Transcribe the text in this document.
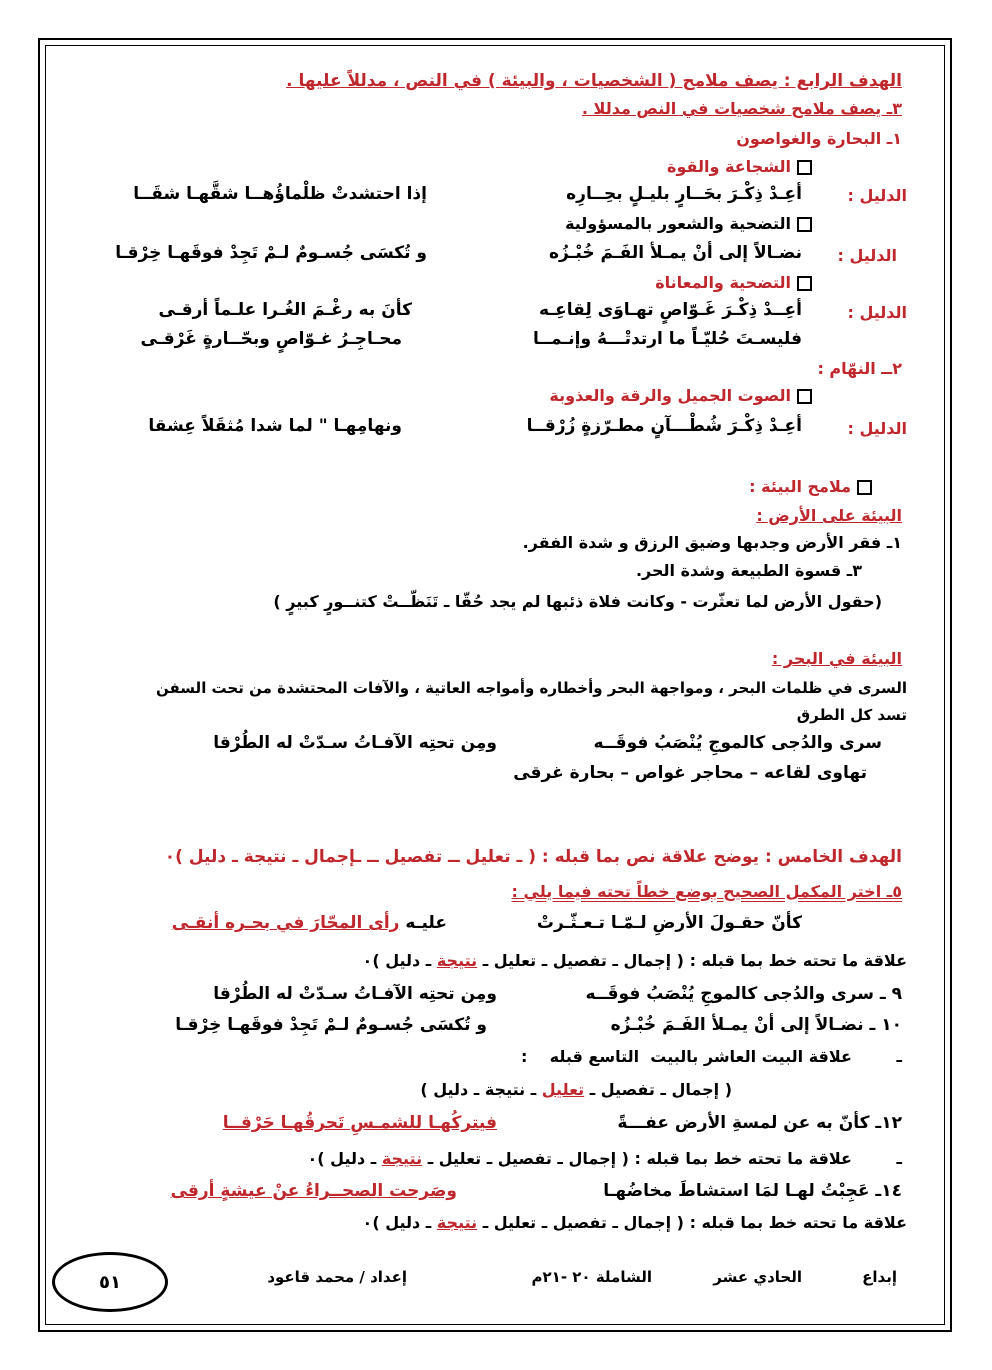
الهدف الرابع : يصف ملامح ( الشخصيات ، والبيئة ) في النص ، مدللاً عليها .
٣ـ يصف ملامح شخصيات في النص مدللا .
١ـ البحارة والغواصون
الشجاعة والقوة
الدليل :
أعِـدْ ذِكْـرَ بحَــارٍ بليـلٍ بحِــارِه
إذا احتشدتْ ظلْماؤُهــا شقَّهـا شقَــا
التضحية والشعور بالمسؤولية
الدليل :
نضـالاً إلى أنْ يمـلأ الفَـمَ خُبْـزُه
و تُكسَى جُسـومٌ لـمْ تَجِدْ فوقَهـا خِرْقـا
التضحية والمعاناة
الدليل :
أعِــدْ ذِكْـرَ غَـوّاصٍ تهـاوَى لِقاعِـه
كأنَ به رغْـمَ الغُـرا علـماً أرقـى
فليسـتَ حُليّـاً ما ارتدتْـــهُ وإنـمــا
محـاجِـرُ غـوّاصٍ وبحّــارةٍ غَرْقـى
٢ــ النهّام :
الصوت الجميل والرقة والعذوبة
الدليل :
أعِـدْ ذِكْـرَ شُطْـــآنٍ مطـرّزةٍ زُرْقــا
ونهامِهـا " لما شدا مُثقَلاً عِشقا
ملامح البيئة :
البيئة على الأرض :
١ـ فقر الأرض وجدبها وضيق الرزق و شدة الفقر.
٣ـ قسوة الطبيعة وشدة الحر.
(حقول الأرض لما تعثّرت - وكانت فلاة ذئبها لم يجد حُقّا ـ تَنَظّــتْ كتنــورٍ كبيرٍ )
البيئة في البحر :
السرى في ظلمات البحر ، ومواجهة البحر وأخطاره وأمواجه العاتية ، والآفات المحتشدة من تحت السفن
تسد كل الطرق
سرى والدُجى كالموجِ يُنْصَبُ فوقَــه
ومِن تحتِه الآفـاتُ سـدّتْ له الطُرْقا
تهاوى لقاعه – محاجر غواص – بحارة غرقى
الهدف الخامس : يوضح علاقة نص بما قبله : ( ـ تعليل ــ تفصيل ــ ـإجمال ـ نتيجة ـ دليل )٠
٥ـ اختر المكمل الصحيح بوضع خطاً تحته فيما يلي :
كأنّ حقـولَ الأرضِ لـمّـا تـعـثّـرتْ
عليـه رأى المحّارَ في بحـره أنقـى
علاقة ما تحته خط بما قبله : ( إجمال ـ تفصيل ـ تعليل ـ نتيجة ـ دليل )٠
٩ ـ سرى والدُجى كالموجِ يُنْصَبُ فوقَــه
ومِن تحتِه الآفـاتُ سـدّتْ له الطُرْقا
١٠ ـ نضـالاً إلى أنْ يمـلأ الفَـمَ خُبْـزُه
و تُكسَى جُسـومٌ لـمْ تَجِدْ فوقَهـا خِرْقـا
ـ        علاقة البيت العاشر بالبيت  التاسع قبله    :
( إجمال ـ تفصيل ـ تعليل ـ نتيجة ـ دليل )
١٢ـ كأنّ به عن لمسةِ الأرض عفـــةً
فيتركُهـا للشمـسِ تَحرقُهـا حَرْقــا
ـ        علاقة ما تحته خط بما قبله : ( إجمال ـ تفصيل ـ تعليل ـ نتيجة ـ دليل )٠
١٤ـ عَجِبْتُ لهـا لمَا استشاطَ مخاضُهـا
وصَرحت الصحــراءُ عنْ عيشةٍ أرقى
علاقة ما تحته خط بما قبله : ( إجمال ـ تفصيل ـ تعليل ـ نتيجة ـ دليل )٠
إبداع
الحادي عشر
الشاملة ٢٠ -٢١م
إعداد / محمد قاعود
٥١
